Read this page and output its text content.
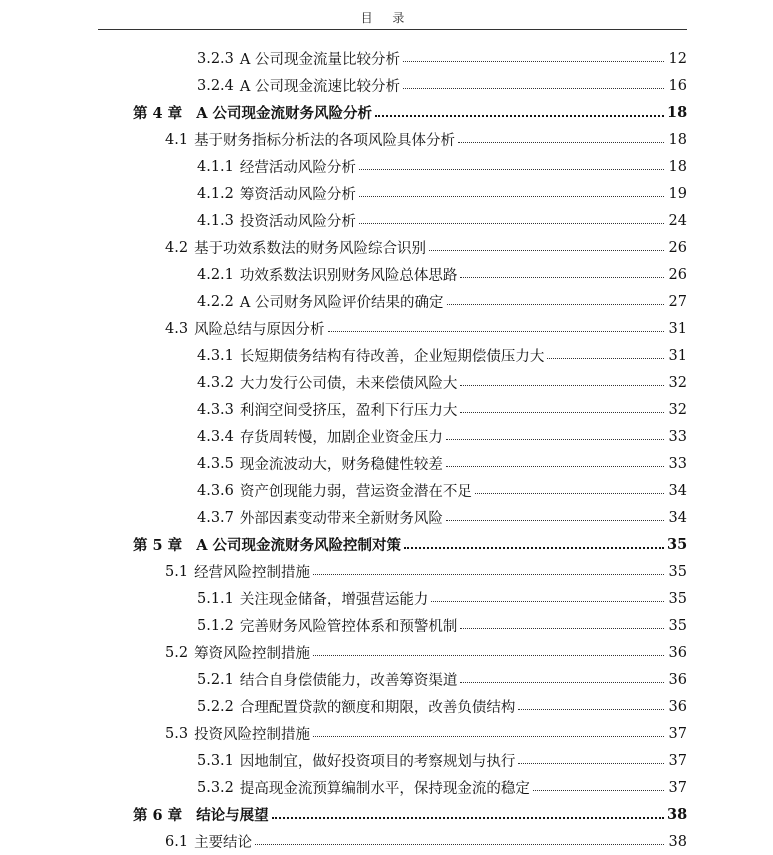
目 录
3.2.3 A 公司现金流量比较分析	12
3.2.4 A 公司现金流速比较分析	16
第 4 章 A 公司现金流财务风险分析	18
4.1 基于财务指标分析法的各项风险具体分析	18
4.1.1 经营活动风险分析	18
4.1.2 筹资活动风险分析	19
4.1.3 投资活动风险分析	24
4.2 基于功效系数法的财务风险综合识别	26
4.2.1 功效系数法识别财务风险总体思路	26
4.2.2 A 公司财务风险评价结果的确定	27
4.3 风险总结与原因分析	31
4.3.1 长短期债务结构有待改善，企业短期偿债压力大	31
4.3.2 大力发行公司债，未来偿债风险大	32
4.3.3 利润空间受挤压，盈利下行压力大	32
4.3.4 存货周转慢，加剧企业资金压力	33
4.3.5 现金流波动大，财务稳健性较差	33
4.3.6 资产创现能力弱，营运资金潜在不足	34
4.3.7 外部因素变动带来全新财务风险	34
第 5 章 A 公司现金流财务风险控制对策	35
5.1 经营风险控制措施	35
5.1.1 关注现金储备，增强营运能力	35
5.1.2 完善财务风险管控体系和预警机制	35
5.2 筹资风险控制措施	36
5.2.1 结合自身偿债能力，改善筹资渠道	36
5.2.2 合理配置贷款的额度和期限，改善负债结构	36
5.3 投资风险控制措施	37
5.3.1 因地制宜，做好投资项目的考察规划与执行	37
5.3.2 提高现金流预算编制水平，保持现金流的稳定	37
第 6 章 结论与展望	38
6.1 主要结论	38
